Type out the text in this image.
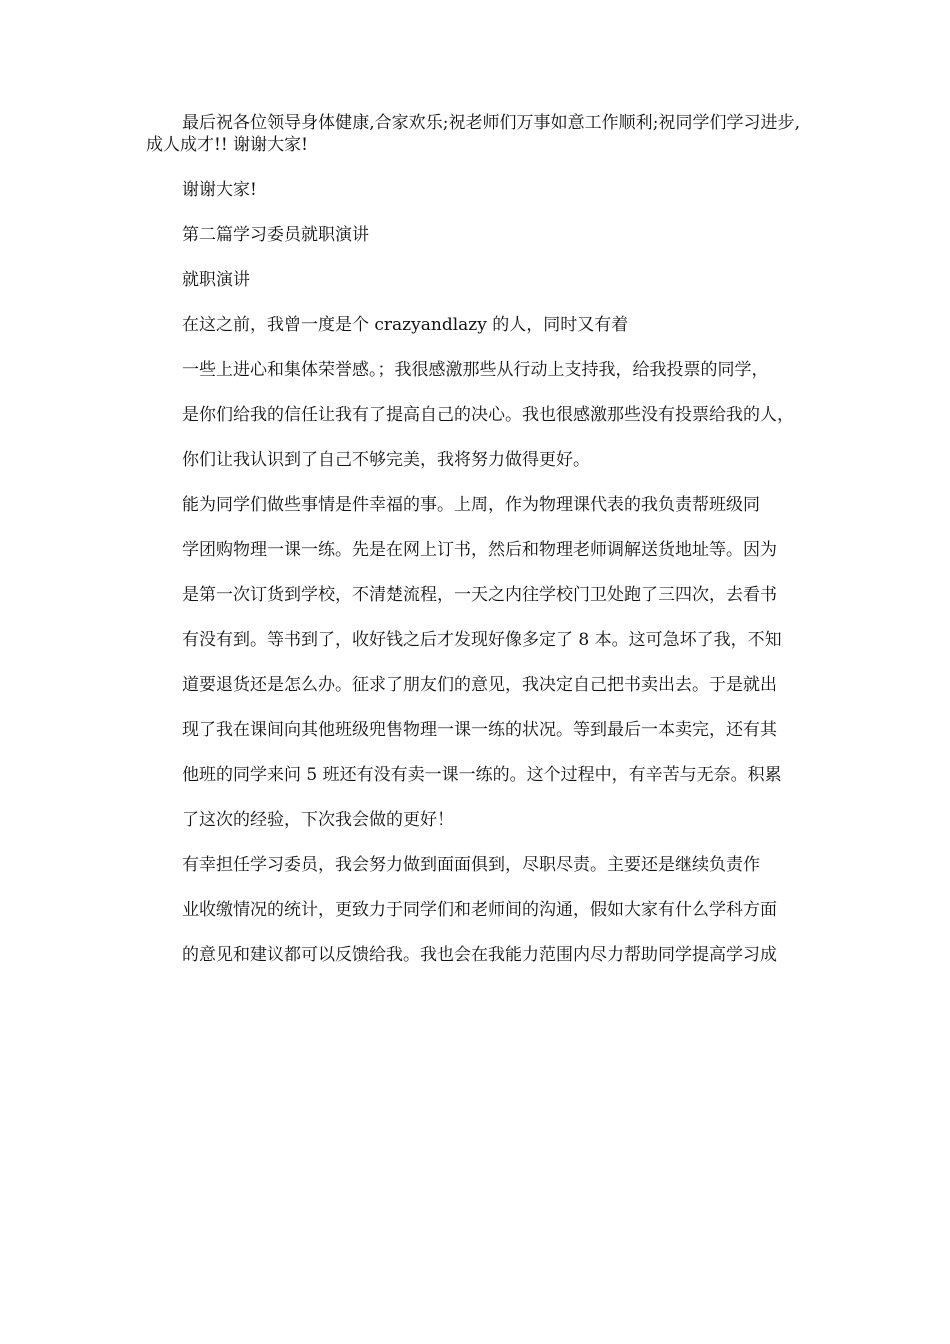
最后祝各位领导身体健康,合家欢乐;祝老师们万事如意工作顺利;祝同学们学习进步,成人成才!! 谢谢大家!

谢谢大家!

第二篇学习委员就职演讲

就职演讲

在这之前，我曾一度是个 crazyandlazy 的人，同时又有着

一些上进心和集体荣誉感。；我很感激那些从行动上支持我，给我投票的同学，

是你们给我的信任让我有了提高自己的决心。我也很感激那些没有投票给我的人，

你们让我认识到了自己不够完美，我将努力做得更好。

能为同学们做些事情是件幸福的事。上周，作为物理课代表的我负责帮班级同

学团购物理一课一练。先是在网上订书，然后和物理老师调解送货地址等。因为

是第一次订货到学校，不清楚流程，一天之内往学校门卫处跑了三四次，去看书

有没有到。等书到了，收好钱之后才发现好像多定了 8 本。这可急坏了我，不知

道要退货还是怎么办。征求了朋友们的意见，我决定自己把书卖出去。于是就出

现了我在课间向其他班级兜售物理一课一练的状况。等到最后一本卖完，还有其

他班的同学来问 5 班还有没有卖一课一练的。这个过程中，有辛苦与无奈。积累

了这次的经验，下次我会做的更好！

有幸担任学习委员，我会努力做到面面俱到，尽职尽责。主要还是继续负责作

业收缴情况的统计，更致力于同学们和老师间的沟通，假如大家有什么学科方面

的意见和建议都可以反馈给我。我也会在我能力范围内尽力帮助同学提高学习成
